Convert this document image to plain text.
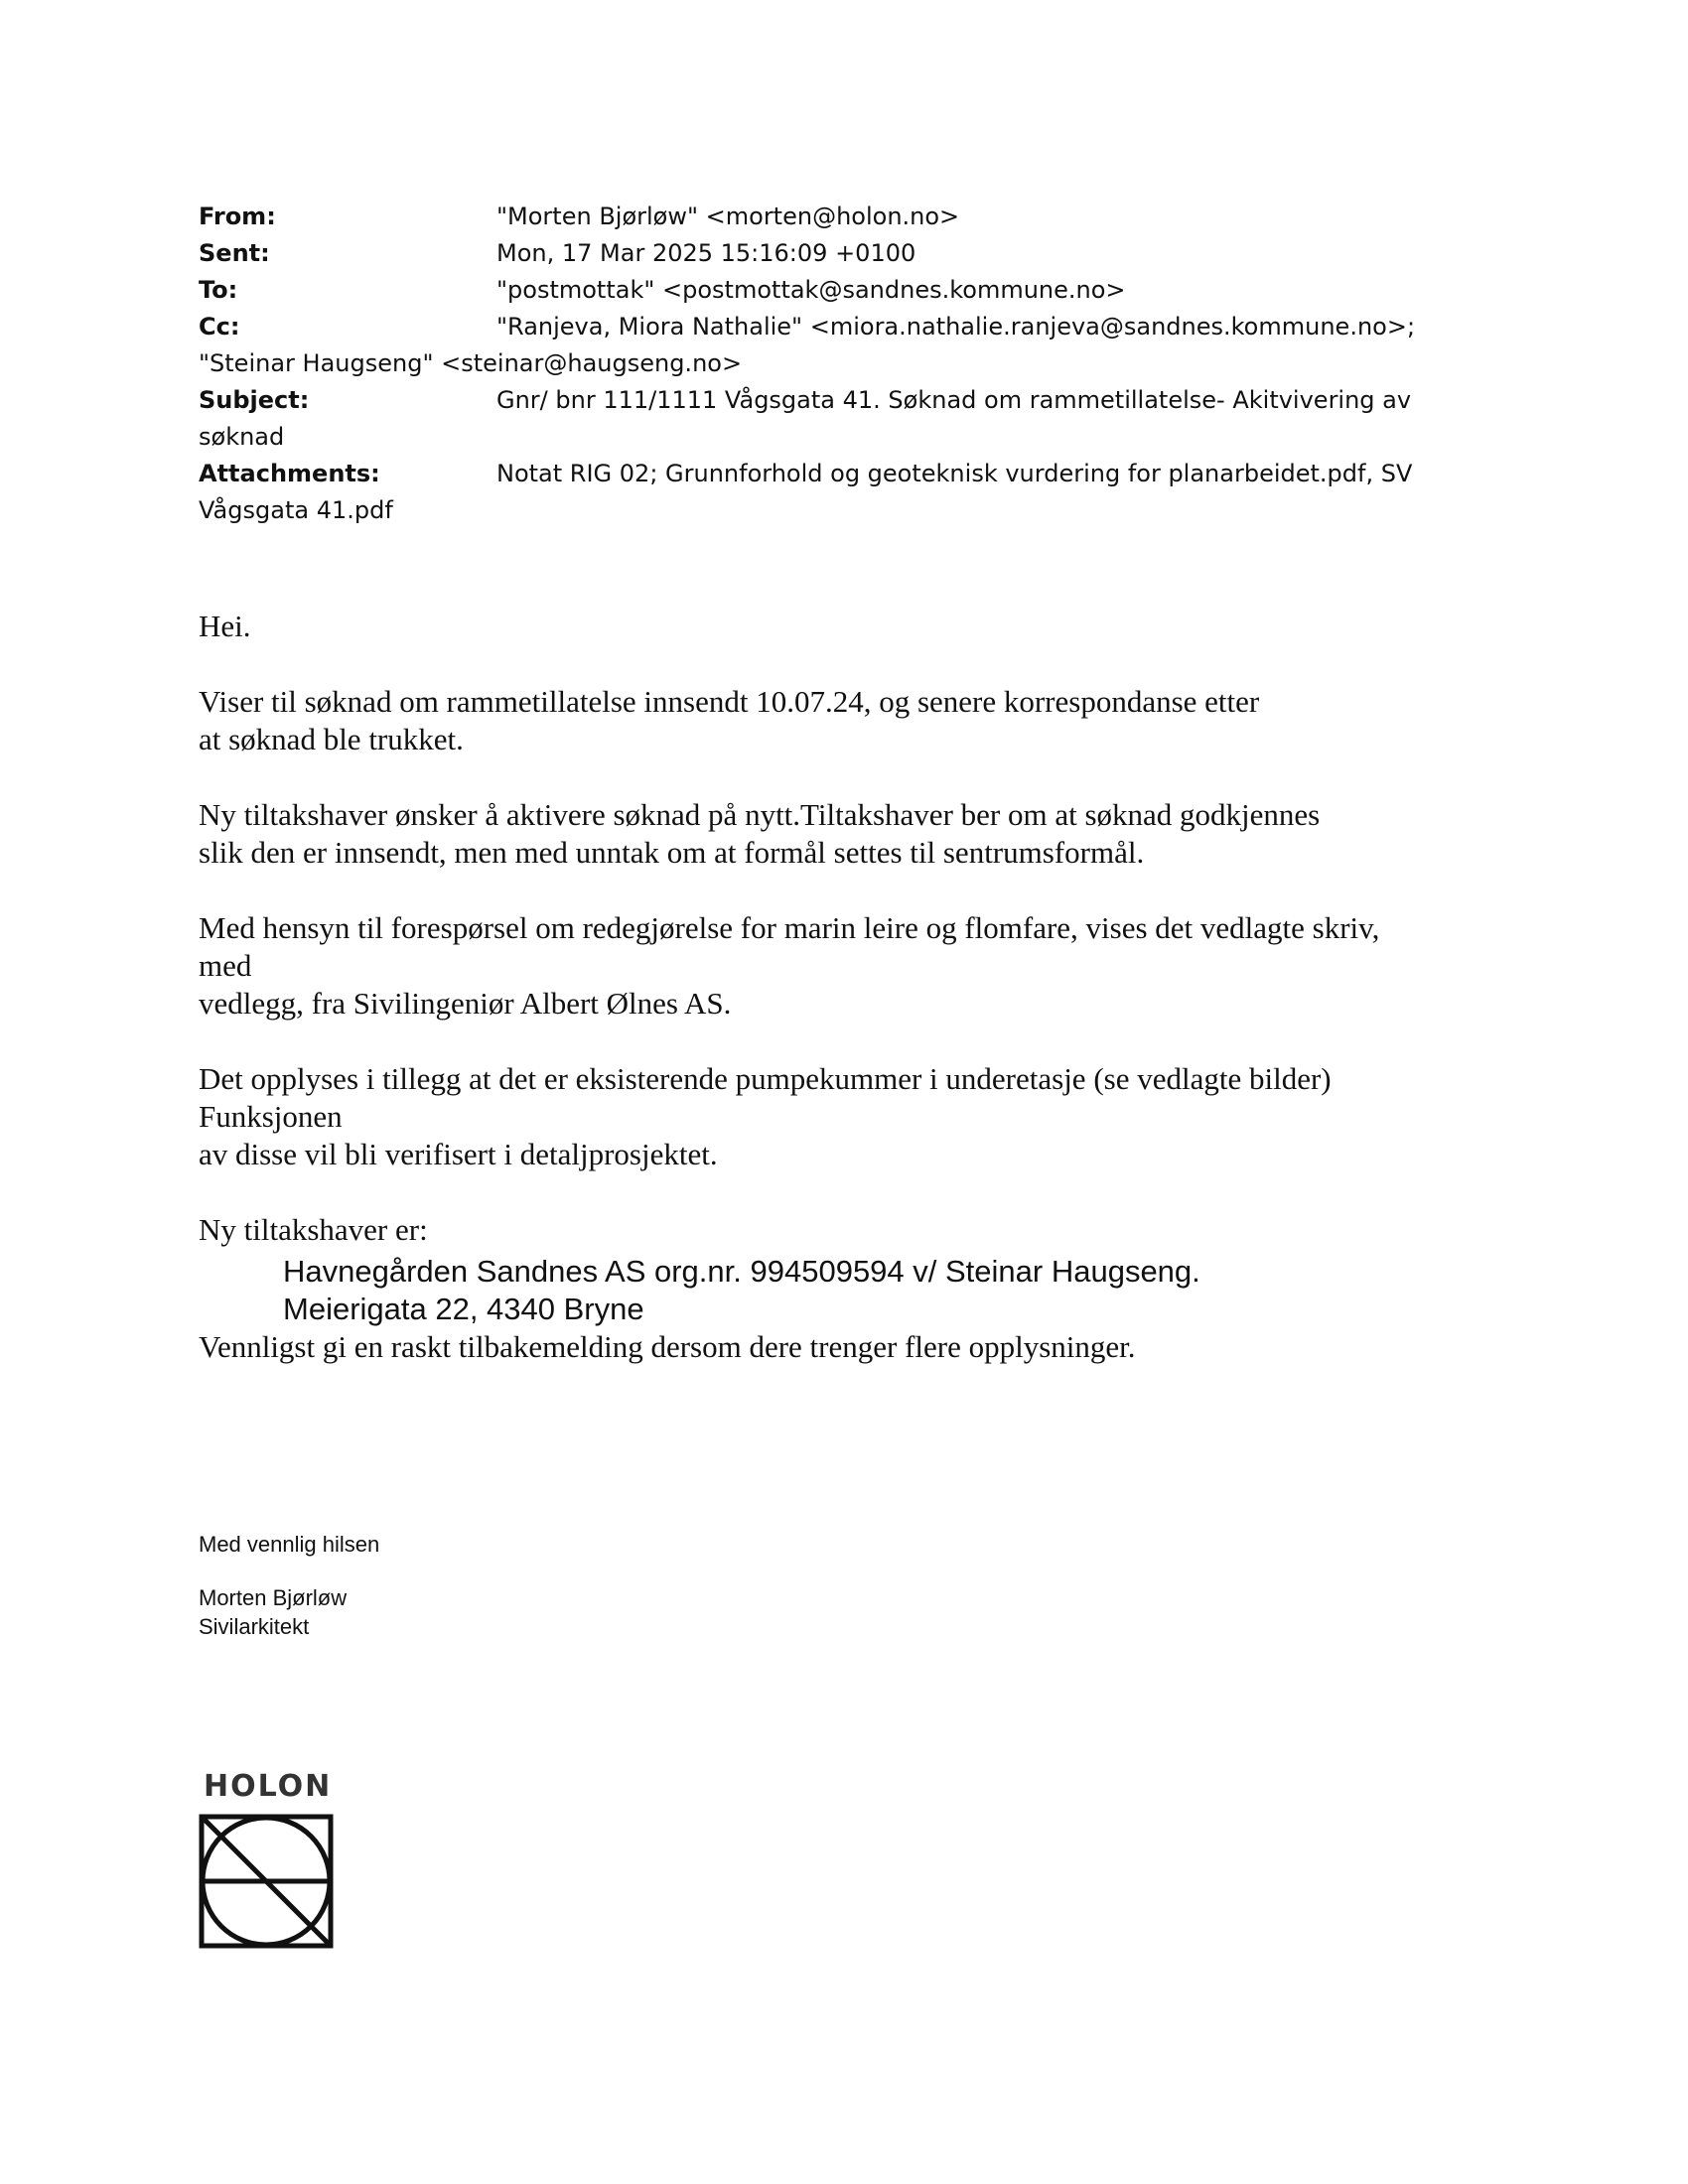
From:	"Morten Bjørløw" <morten@holon.no>
Sent:	Mon, 17 Mar 2025 15:16:09 +0100
To:	"postmottak" <postmottak@sandnes.kommune.no>
Cc:	"Ranjeva, Miora Nathalie" <miora.nathalie.ranjeva@sandnes.kommune.no>;
"Steinar Haugseng" <steinar@haugseng.no>
Subject:	Gnr/ bnr 111/1111 Vågsgata 41. Søknad om rammetillatelse- Akitvivering av
søknad
Attachments:	Notat RIG 02; Grunnforhold og geoteknisk vurdering for planarbeidet.pdf, SV
Vågsgata 41.pdf

Hei.

Viser til søknad om rammetillatelse innsendt 10.07.24, og senere korrespondanse etter
at søknad ble trukket.

Ny tiltakshaver ønsker å aktivere søknad på nytt.Tiltakshaver ber om at søknad godkjennes
slik den er innsendt, men med unntak om at formål settes til sentrumsformål.

Med hensyn til forespørsel om redegjørelse for marin leire og flomfare, vises det vedlagte skriv,
med
vedlegg, fra Sivilingeniør Albert Ølnes AS.

Det opplyses i tillegg at det er eksisterende pumpekummer i underetasje (se vedlagte bilder)
Funksjonen
av disse vil bli verifisert i detaljprosjektet.

Ny tiltakshaver er:

Havnegården Sandnes AS org.nr. 994509594 v/ Steinar Haugseng.
Meierigata 22, 4340 Bryne

Vennligst gi en raskt tilbakemelding dersom dere trenger flere opplysninger.

Med vennlig hilsen
Morten Bjørløw
Sivilarkitekt
HOLON
